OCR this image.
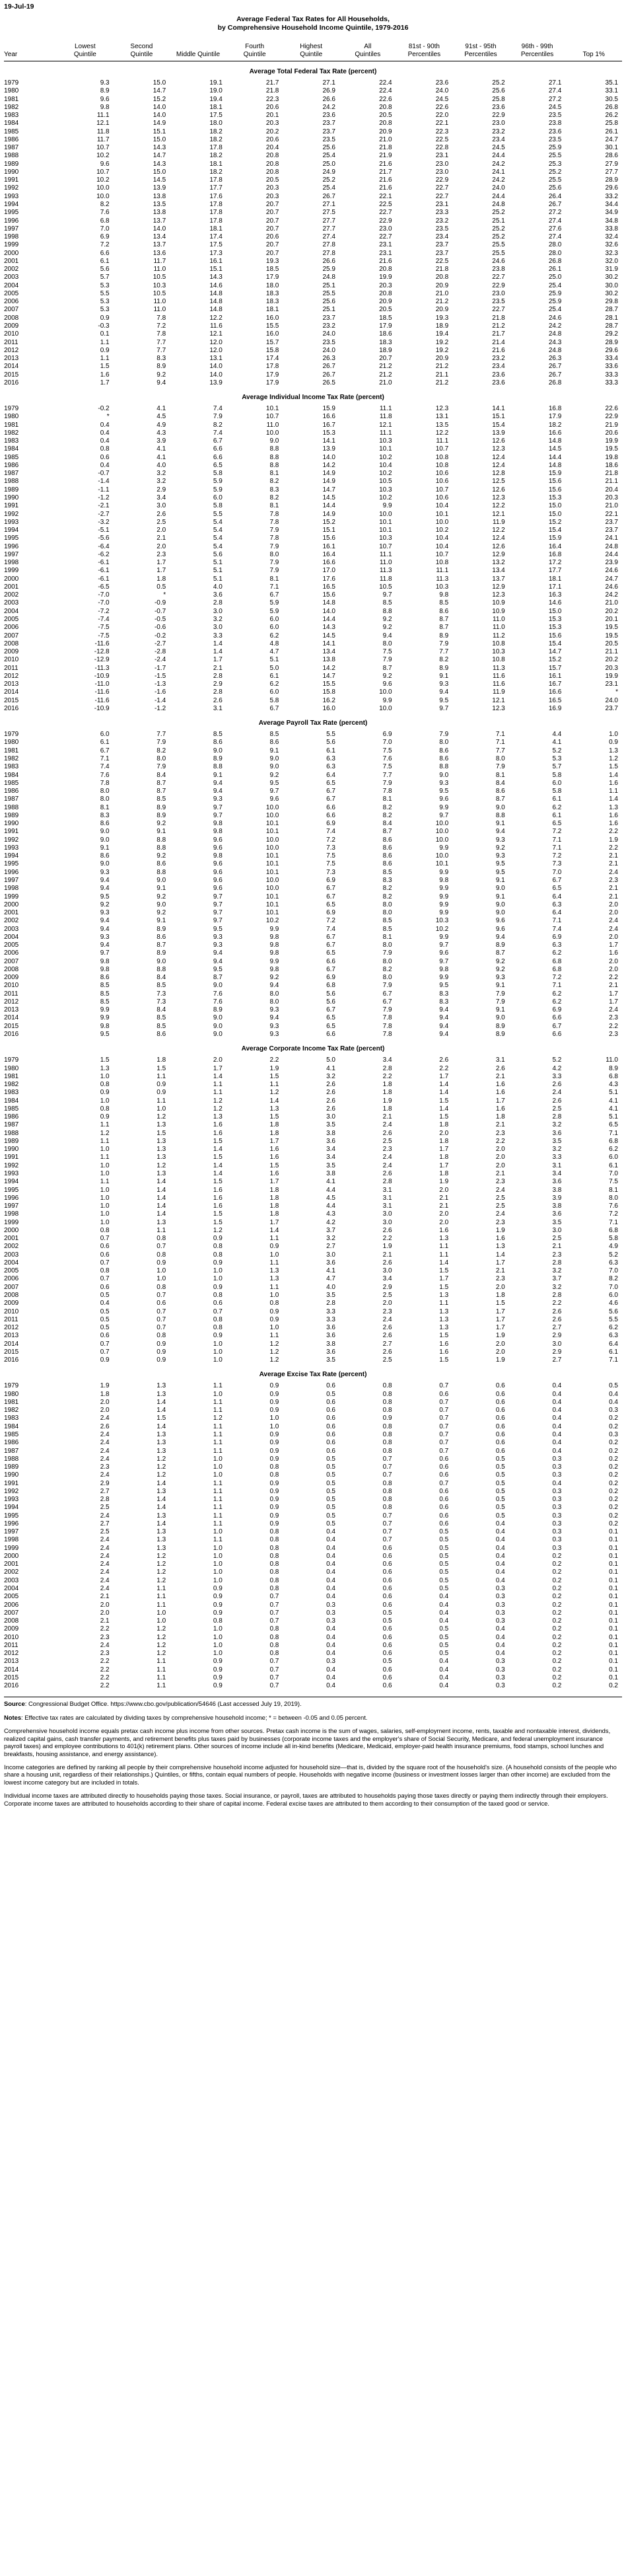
19-Jul-19
Average Federal Tax Rates for All Households,
by Comprehensive Household Income Quintile, 1979-2016
	Lowest	Second		Fourth	Highest	All	81st - 90th	91st - 95th	96th - 99th	
Year	Quintile	Quintile	Middle Quintile	Quintile	Quintile	Quintiles	Percentiles	Percentiles	Percentiles	Top 1%
Average Total Federal Tax Rate (percent)
1979	9.3	15.0	19.1	21.7	27.1	22.4	23.6	25.2	27.1	35.1
1980	8.9	14.7	19.0	21.8	26.9	22.4	24.0	25.6	27.4	33.1
1981	9.6	15.2	19.4	22.3	26.6	22.6	24.5	25.8	27.2	30.5
1982	9.8	14.0	18.1	20.6	24.2	20.8	22.6	23.6	24.5	26.8
1983	11.1	14.0	17.5	20.1	23.6	20.5	22.0	22.9	23.5	26.2
1984	12.1	14.9	18.0	20.3	23.7	20.8	22.1	23.0	23.8	25.8
1985	11.8	15.1	18.2	20.2	23.7	20.9	22.3	23.2	23.6	26.1
1986	11.7	15.0	18.2	20.6	23.5	21.0	22.5	23.4	23.5	24.7
1987	10.7	14.3	17.8	20.4	25.6	21.8	22.8	24.5	25.9	30.1
1988	10.2	14.7	18.2	20.8	25.4	21.9	23.1	24.4	25.5	28.6
1989	9.6	14.3	18.1	20.8	25.0	21.6	23.0	24.2	25.3	27.9
1990	10.7	15.0	18.2	20.8	24.9	21.7	23.0	24.1	25.2	27.7
1991	10.2	14.5	17.8	20.5	25.2	21.6	22.9	24.2	25.5	28.9
1992	10.0	13.9	17.7	20.3	25.4	21.6	22.7	24.0	25.6	29.6
1993	10.0	13.8	17.6	20.3	26.7	22.1	22.7	24.4	26.4	33.2
1994	8.2	13.5	17.8	20.7	27.1	22.5	23.1	24.8	26.7	34.4
1995	7.6	13.8	17.8	20.7	27.5	22.7	23.3	25.2	27.2	34.9
1996	6.8	13.7	17.8	20.7	27.7	22.9	23.2	25.1	27.4	34.8
1997	7.0	14.0	18.1	20.7	27.7	23.0	23.5	25.2	27.6	33.8
1998	6.9	13.4	17.4	20.6	27.4	22.7	23.4	25.2	27.4	32.4
1999	7.2	13.7	17.5	20.7	27.8	23.1	23.7	25.5	28.0	32.6
2000	6.6	13.6	17.3	20.7	27.8	23.1	23.7	25.5	28.0	32.3
2001	6.1	11.7	16.1	19.3	26.6	21.6	22.5	24.6	26.8	32.0
2002	5.6	11.0	15.1	18.5	25.9	20.8	21.8	23.8	26.1	31.9
2003	5.7	10.5	14.3	17.9	24.8	19.9	20.8	22.7	25.0	30.2
2004	5.3	10.3	14.6	18.0	25.1	20.3	20.9	22.9	25.4	30.0
2005	5.5	10.5	14.8	18.3	25.5	20.8	21.0	23.0	25.9	30.2
2006	5.3	11.0	14.8	18.3	25.6	20.9	21.2	23.5	25.9	29.8
2007	5.3	11.0	14.8	18.1	25.1	20.5	20.9	22.7	25.4	28.7
2008	0.9	7.8	12.2	16.0	23.7	18.5	19.3	21.8	24.6	28.1
2009	-0.3	7.2	11.6	15.5	23.2	17.9	18.9	21.2	24.2	28.7
2010	0.1	7.8	12.1	16.0	24.0	18.6	19.4	21.7	24.8	29.2
2011	1.1	7.7	12.0	15.7	23.5	18.3	19.2	21.4	24.3	28.9
2012	0.9	7.7	12.0	15.8	24.0	18.9	19.2	21.6	24.8	29.6
2013	1.1	8.3	13.1	17.4	26.3	20.7	20.9	23.2	26.3	33.4
2014	1.5	8.9	14.0	17.8	26.7	21.2	21.2	23.4	26.7	33.6
2015	1.6	9.2	14.0	17.9	26.7	21.2	21.1	23.6	26.7	33.3
2016	1.7	9.4	13.9	17.9	26.5	21.0	21.2	23.6	26.8	33.3
Average Individual Income Tax Rate (percent)
1979	-0.2	4.1	7.4	10.1	15.9	11.1	12.3	14.1	16.8	22.6
1980	*	4.5	7.9	10.7	16.6	11.8	13.1	15.1	17.9	22.9
1981	0.4	4.9	8.2	11.0	16.7	12.1	13.5	15.4	18.2	21.9
1982	0.4	4.3	7.4	10.0	15.3	11.1	12.2	13.9	16.6	20.6
1983	0.4	3.9	6.7	9.0	14.1	10.3	11.1	12.6	14.8	19.9
1984	0.8	4.1	6.6	8.8	13.9	10.1	10.7	12.3	14.5	19.5
1985	0.6	4.1	6.6	8.8	14.0	10.2	10.8	12.4	14.4	19.8
1986	0.4	4.0	6.5	8.8	14.2	10.4	10.8	12.4	14.8	18.6
1987	-0.7	3.2	5.8	8.1	14.9	10.2	10.6	12.8	15.9	21.8
1988	-1.4	3.2	5.9	8.2	14.9	10.5	10.6	12.5	15.6	21.1
1989	-1.1	2.9	5.9	8.3	14.7	10.3	10.7	12.6	15.6	20.4
1990	-1.2	3.4	6.0	8.2	14.5	10.2	10.6	12.3	15.3	20.3
1991	-2.1	3.0	5.8	8.1	14.4	9.9	10.4	12.2	15.0	21.0
1992	-2.7	2.6	5.5	7.8	14.9	10.0	10.1	12.1	15.0	22.1
1993	-3.2	2.5	5.4	7.8	15.2	10.1	10.0	11.9	15.2	23.7
1994	-5.1	2.0	5.4	7.9	15.1	10.1	10.2	12.2	15.4	23.7
1995	-5.6	2.1	5.4	7.8	15.6	10.3	10.4	12.4	15.9	24.1
1996	-6.4	2.0	5.4	7.9	16.1	10.7	10.4	12.6	16.4	24.8
1997	-6.2	2.3	5.6	8.0	16.4	11.1	10.7	12.9	16.8	24.4
1998	-6.1	1.7	5.1	7.9	16.6	11.0	10.8	13.2	17.2	23.9
1999	-6.1	1.7	5.1	7.9	17.0	11.3	11.1	13.4	17.7	24.6
2000	-6.1	1.8	5.1	8.1	17.6	11.8	11.3	13.7	18.1	24.7
2001	-6.5	0.5	4.0	7.1	16.5	10.5	10.3	12.9	17.1	24.6
2002	-7.0	*	3.6	6.7	15.6	9.7	9.8	12.3	16.3	24.2
2003	-7.0	-0.9	2.8	5.9	14.8	8.5	8.5	10.9	14.6	21.0
2004	-7.2	-0.7	3.0	5.9	14.0	8.8	8.6	10.9	15.0	20.2
2005	-7.4	-0.5	3.2	6.0	14.4	9.2	8.7	11.0	15.3	20.1
2006	-7.5	-0.6	3.0	6.0	14.3	9.2	8.7	11.0	15.3	19.5
2007	-7.5	-0.2	3.3	6.2	14.5	9.4	8.9	11.2	15.6	19.5
2008	-11.6	-2.7	1.4	4.8	14.1	8.0	7.9	10.8	15.4	20.5
2009	-12.8	-2.8	1.4	4.7	13.4	7.5	7.7	10.3	14.7	21.1
2010	-12.9	-2.4	1.7	5.1	13.8	7.9	8.2	10.8	15.2	20.2
2011	-11.3	-1.7	2.1	5.0	14.2	8.7	8.9	11.3	15.7	20.3
2012	-10.9	-1.5	2.8	6.1	14.7	9.2	9.1	11.6	16.1	19.9
2013	-11.0	-1.3	2.9	6.2	15.5	9.6	9.3	11.6	16.7	23.1
2014	-11.6	-1.6	2.8	6.0	15.8	10.0	9.4	11.9	16.6	*
2015	-11.6	-1.4	2.6	5.8	16.2	9.9	9.5	12.1	16.5	24.0
2016	-10.9	-1.2	3.1	6.7	16.0	10.0	9.7	12.3	16.9	23.7
Average Payroll Tax Rate (percent)
1979	6.0	7.7	8.5	8.5	5.5	6.9	7.9	7.1	4.4	1.0
1980	6.1	7.9	8.6	8.6	5.6	7.0	8.0	7.1	4.1	0.9
1981	6.7	8.2	9.0	9.1	6.1	7.5	8.6	7.7	5.2	1.3
1982	7.1	8.0	8.9	9.0	6.3	7.6	8.6	8.0	5.3	1.2
1983	7.4	7.9	8.8	9.0	6.3	7.5	8.8	7.9	5.7	1.5
1984	7.6	8.4	9.1	9.2	6.4	7.7	9.0	8.1	5.8	1.4
1985	7.8	8.7	9.4	9.5	6.5	7.9	9.3	8.4	6.0	1.6
1986	8.0	8.7	9.4	9.7	6.7	7.8	9.5	8.6	5.8	1.1
1987	8.0	8.5	9.3	9.6	6.7	8.1	9.6	8.7	6.1	1.4
1988	8.1	8.9	9.7	10.0	6.6	8.2	9.9	9.0	6.2	1.3
1989	8.3	8.9	9.7	10.0	6.6	8.2	9.7	8.8	6.1	1.6
1990	8.6	9.2	9.8	10.1	6.9	8.4	10.0	9.1	6.5	1.6
1991	9.0	9.1	9.8	10.1	7.4	8.7	10.0	9.4	7.2	2.2
1992	9.0	8.8	9.6	10.0	7.2	8.6	10.0	9.3	7.1	1.9
1993	9.1	8.8	9.6	10.0	7.3	8.6	9.9	9.2	7.1	2.2
1994	8.6	9.2	9.8	10.1	7.5	8.6	10.0	9.3	7.2	2.1
1995	9.0	8.6	9.6	10.1	7.5	8.6	10.1	9.5	7.3	2.1
1996	9.3	8.8	9.6	10.1	7.3	8.5	9.9	9.5	7.0	2.4
1997	9.4	9.0	9.6	10.0	6.9	8.3	9.8	9.1	6.7	2.3
1998	9.4	9.1	9.6	10.0	6.7	8.2	9.9	9.0	6.5	2.1
1999	9.5	9.2	9.7	10.1	6.7	8.2	9.9	9.1	6.4	2.1
2000	9.2	9.0	9.7	10.1	6.5	8.0	9.9	9.0	6.3	2.0
2001	9.3	9.2	9.7	10.1	6.9	8.0	9.9	9.0	6.4	2.0
2002	9.4	9.1	9.7	10.2	7.2	8.5	10.3	9.6	7.1	2.4
2003	9.4	8.9	9.5	9.9	7.4	8.5	10.2	9.6	7.4	2.4
2004	9.3	8.6	9.3	9.8	6.7	8.1	9.9	9.4	6.9	2.0
2005	9.4	8.7	9.3	9.8	6.7	8.0	9.7	8.9	6.3	1.7
2006	9.7	8.9	9.4	9.8	6.5	7.9	9.6	8.7	6.2	1.6
2007	9.8	9.0	9.4	9.9	6.6	8.0	9.7	9.2	6.8	2.0
2008	9.8	8.8	9.5	9.8	6.7	8.2	9.8	9.2	6.8	2.0
2009	8.6	8.4	8.7	9.2	6.9	8.0	9.9	9.3	7.2	2.2
2010	8.5	8.5	9.0	9.4	6.8	7.9	9.5	9.1	7.1	2.1
2011	8.5	7.3	7.6	8.0	5.6	6.7	8.3	7.9	6.2	1.7
2012	8.5	7.3	7.6	8.0	5.6	6.7	8.3	7.9	6.2	1.7
2013	9.9	8.4	8.9	9.3	6.7	7.9	9.4	9.1	6.9	2.4
2014	9.9	8.5	9.0	9.4	6.5	7.8	9.4	9.0	6.6	2.3
2015	9.8	8.5	9.0	9.3	6.5	7.8	9.4	8.9	6.7	2.2
2016	9.5	8.6	9.0	9.3	6.6	7.8	9.4	8.9	6.6	2.3
Average Corporate Income Tax Rate (percent)
1979	1.5	1.8	2.0	2.2	5.0	3.4	2.6	3.1	5.2	11.0
1980	1.3	1.5	1.7	1.9	4.1	2.8	2.2	2.6	4.2	8.9
1981	1.0	1.1	1.4	1.5	3.2	2.2	1.7	2.1	3.3	6.8
1982	0.8	0.9	1.1	1.1	2.6	1.8	1.4	1.6	2.6	4.3
1983	0.9	0.9	1.1	1.2	2.6	1.8	1.4	1.6	2.4	5.1
1984	1.0	1.1	1.2	1.4	2.6	1.9	1.5	1.7	2.6	4.1
1985	0.8	1.0	1.2	1.3	2.6	1.8	1.4	1.6	2.5	4.1
1986	0.9	1.2	1.3	1.5	3.0	2.1	1.5	1.8	2.8	5.1
1987	1.1	1.3	1.6	1.8	3.5	2.4	1.8	2.1	3.2	6.5
1988	1.2	1.5	1.6	1.8	3.8	2.6	2.0	2.3	3.6	7.1
1989	1.1	1.3	1.5	1.7	3.6	2.5	1.8	2.2	3.5	6.8
1990	1.0	1.3	1.4	1.6	3.4	2.3	1.7	2.0	3.2	6.2
1991	1.1	1.3	1.5	1.6	3.4	2.4	1.8	2.0	3.3	6.0
1992	1.0	1.2	1.4	1.5	3.5	2.4	1.7	2.0	3.1	6.1
1993	1.0	1.3	1.4	1.6	3.8	2.6	1.8	2.1	3.4	7.0
1994	1.1	1.4	1.5	1.7	4.1	2.8	1.9	2.3	3.6	7.5
1995	1.0	1.4	1.6	1.8	4.4	3.1	2.0	2.4	3.8	8.1
1996	1.0	1.4	1.6	1.8	4.5	3.1	2.1	2.5	3.9	8.0
1997	1.0	1.4	1.6	1.8	4.4	3.1	2.1	2.5	3.8	7.6
1998	1.0	1.4	1.5	1.8	4.3	3.0	2.0	2.4	3.6	7.2
1999	1.0	1.3	1.5	1.7	4.2	3.0	2.0	2.3	3.5	7.1
2000	0.8	1.1	1.2	1.4	3.7	2.6	1.6	1.9	3.0	6.8
2001	0.7	0.8	0.9	1.1	3.2	2.2	1.3	1.6	2.5	5.8
2002	0.6	0.7	0.8	0.9	2.7	1.9	1.1	1.3	2.1	4.9
2003	0.6	0.8	0.8	1.0	3.0	2.1	1.1	1.4	2.3	5.2
2004	0.7	0.9	0.9	1.1	3.6	2.6	1.4	1.7	2.8	6.3
2005	0.8	1.0	1.0	1.3	4.1	3.0	1.5	2.1	3.2	7.0
2006	0.7	1.0	1.0	1.3	4.7	3.4	1.7	2.3	3.7	8.2
2007	0.6	0.8	0.9	1.1	4.0	2.9	1.5	2.0	3.2	7.0
2008	0.5	0.7	0.8	1.0	3.5	2.5	1.3	1.8	2.8	6.0
2009	0.4	0.6	0.6	0.8	2.8	2.0	1.1	1.5	2.2	4.6
2010	0.5	0.7	0.7	0.9	3.3	2.3	1.3	1.7	2.6	5.6
2011	0.5	0.7	0.8	0.9	3.3	2.4	1.3	1.7	2.6	5.5
2012	0.5	0.7	0.8	1.0	3.6	2.6	1.3	1.7	2.7	6.2
2013	0.6	0.8	0.9	1.1	3.6	2.6	1.5	1.9	2.9	6.3
2014	0.7	0.9	1.0	1.2	3.8	2.7	1.6	2.0	3.0	6.4
2015	0.7	0.9	1.0	1.2	3.6	2.6	1.6	2.0	2.9	6.1
2016	0.9	0.9	1.0	1.2	3.5	2.5	1.5	1.9	2.7	7.1
Average Excise Tax Rate (percent)
1979	1.9	1.3	1.1	0.9	0.6	0.8	0.7	0.6	0.4	0.5
1980	1.8	1.3	1.0	0.9	0.5	0.8	0.6	0.6	0.4	0.4
1981	2.0	1.4	1.1	0.9	0.6	0.8	0.7	0.6	0.4	0.4
1982	2.0	1.4	1.1	0.9	0.6	0.8	0.7	0.6	0.4	0.3
1983	2.4	1.5	1.2	1.0	0.6	0.9	0.7	0.6	0.4	0.2
1984	2.6	1.4	1.1	1.0	0.6	0.8	0.7	0.6	0.4	0.2
1985	2.4	1.3	1.1	0.9	0.6	0.8	0.7	0.6	0.4	0.3
1986	2.4	1.3	1.1	0.9	0.6	0.8	0.7	0.6	0.4	0.2
1987	2.4	1.3	1.1	0.9	0.6	0.8	0.7	0.6	0.4	0.2
1988	2.4	1.2	1.0	0.9	0.5	0.7	0.6	0.5	0.3	0.2
1989	2.3	1.2	1.0	0.8	0.5	0.7	0.6	0.5	0.3	0.2
1990	2.4	1.2	1.0	0.8	0.5	0.7	0.6	0.5	0.3	0.2
1991	2.9	1.4	1.1	0.9	0.5	0.8	0.7	0.5	0.4	0.2
1992	2.7	1.3	1.1	0.9	0.5	0.8	0.6	0.5	0.3	0.2
1993	2.8	1.4	1.1	0.9	0.5	0.8	0.6	0.5	0.3	0.2
1994	2.5	1.4	1.1	0.9	0.5	0.8	0.6	0.5	0.3	0.2
1995	2.4	1.3	1.1	0.9	0.5	0.7	0.6	0.5	0.3	0.2
1996	2.7	1.4	1.1	0.9	0.5	0.7	0.6	0.4	0.3	0.2
1997	2.5	1.3	1.0	0.8	0.4	0.7	0.5	0.4	0.3	0.1
1998	2.4	1.3	1.1	0.8	0.4	0.7	0.5	0.4	0.3	0.1
1999	2.4	1.3	1.0	0.8	0.4	0.6	0.5	0.4	0.3	0.1
2000	2.4	1.2	1.0	0.8	0.4	0.6	0.5	0.4	0.2	0.1
2001	2.4	1.2	1.0	0.8	0.4	0.6	0.5	0.4	0.2	0.1
2002	2.4	1.2	1.0	0.8	0.4	0.6	0.5	0.4	0.2	0.1
2003	2.4	1.2	1.0	0.8	0.4	0.6	0.5	0.4	0.2	0.1
2004	2.4	1.1	0.9	0.8	0.4	0.6	0.5	0.3	0.2	0.1
2005	2.1	1.1	0.9	0.7	0.4	0.6	0.4	0.3	0.2	0.1
2006	2.0	1.1	0.9	0.7	0.3	0.6	0.4	0.3	0.2	0.1
2007	2.0	1.0	0.9	0.7	0.3	0.5	0.4	0.3	0.2	0.1
2008	2.1	1.0	0.8	0.7	0.3	0.5	0.4	0.3	0.2	0.1
2009	2.2	1.2	1.0	0.8	0.4	0.6	0.5	0.4	0.2	0.1
2010	2.3	1.2	1.0	0.8	0.4	0.6	0.5	0.4	0.2	0.1
2011	2.4	1.2	1.0	0.8	0.4	0.6	0.5	0.4	0.2	0.1
2012	2.3	1.2	1.0	0.8	0.4	0.6	0.5	0.4	0.2	0.1
2013	2.2	1.1	0.9	0.7	0.3	0.5	0.4	0.3	0.2	0.1
2014	2.2	1.1	0.9	0.7	0.4	0.6	0.4	0.3	0.2	0.1
2015	2.2	1.1	0.9	0.7	0.4	0.6	0.4	0.3	0.2	0.1
2016	2.2	1.1	0.9	0.7	0.4	0.6	0.4	0.3	0.2	0.2

Source: Congressional Budget Office. https://www.cbo.gov/publication/54646 (Last accessed July 19, 2019).

Notes: Effective tax rates are calculated by dividing taxes by comprehensive household income; * = between -0.05 and 0.05 percent.

Comprehensive household income equals pretax cash income plus income from other sources. Pretax cash income is the sum of wages, salaries, self-employment income, rents, taxable and nontaxable interest, dividends, realized capital gains, cash transfer payments, and retirement benefits plus taxes paid by businesses (corporate income taxes and the employer's share of Social Security, Medicare, and federal unemployment insurance payroll taxes) and employee contributions to 401(k) retirement plans. Other sources of income include all in-kind benefits (Medicare, Medicaid, employer-paid health insurance premiums, food stamps, school lunches and breakfasts, housing assistance, and energy assistance).

Income categories are defined by ranking all people by their comprehensive household income adjusted for household size—that is, divided by the square root of the household's size. (A household consists of the people who share a housing unit, regardless of their relationships.) Quintiles, or fifths, contain equal numbers of people. Households with negative income (business or investment losses larger than other income) are excluded from the lowest income category but are included in totals.

Individual income taxes are attributed directly to households paying those taxes. Social insurance, or payroll, taxes are attributed to households paying those taxes directly or paying them indirectly through their employers. Corporate income taxes are attributed to households according to their share of capital income. Federal excise taxes are attributed to them according to their consumption of the taxed good or service.
